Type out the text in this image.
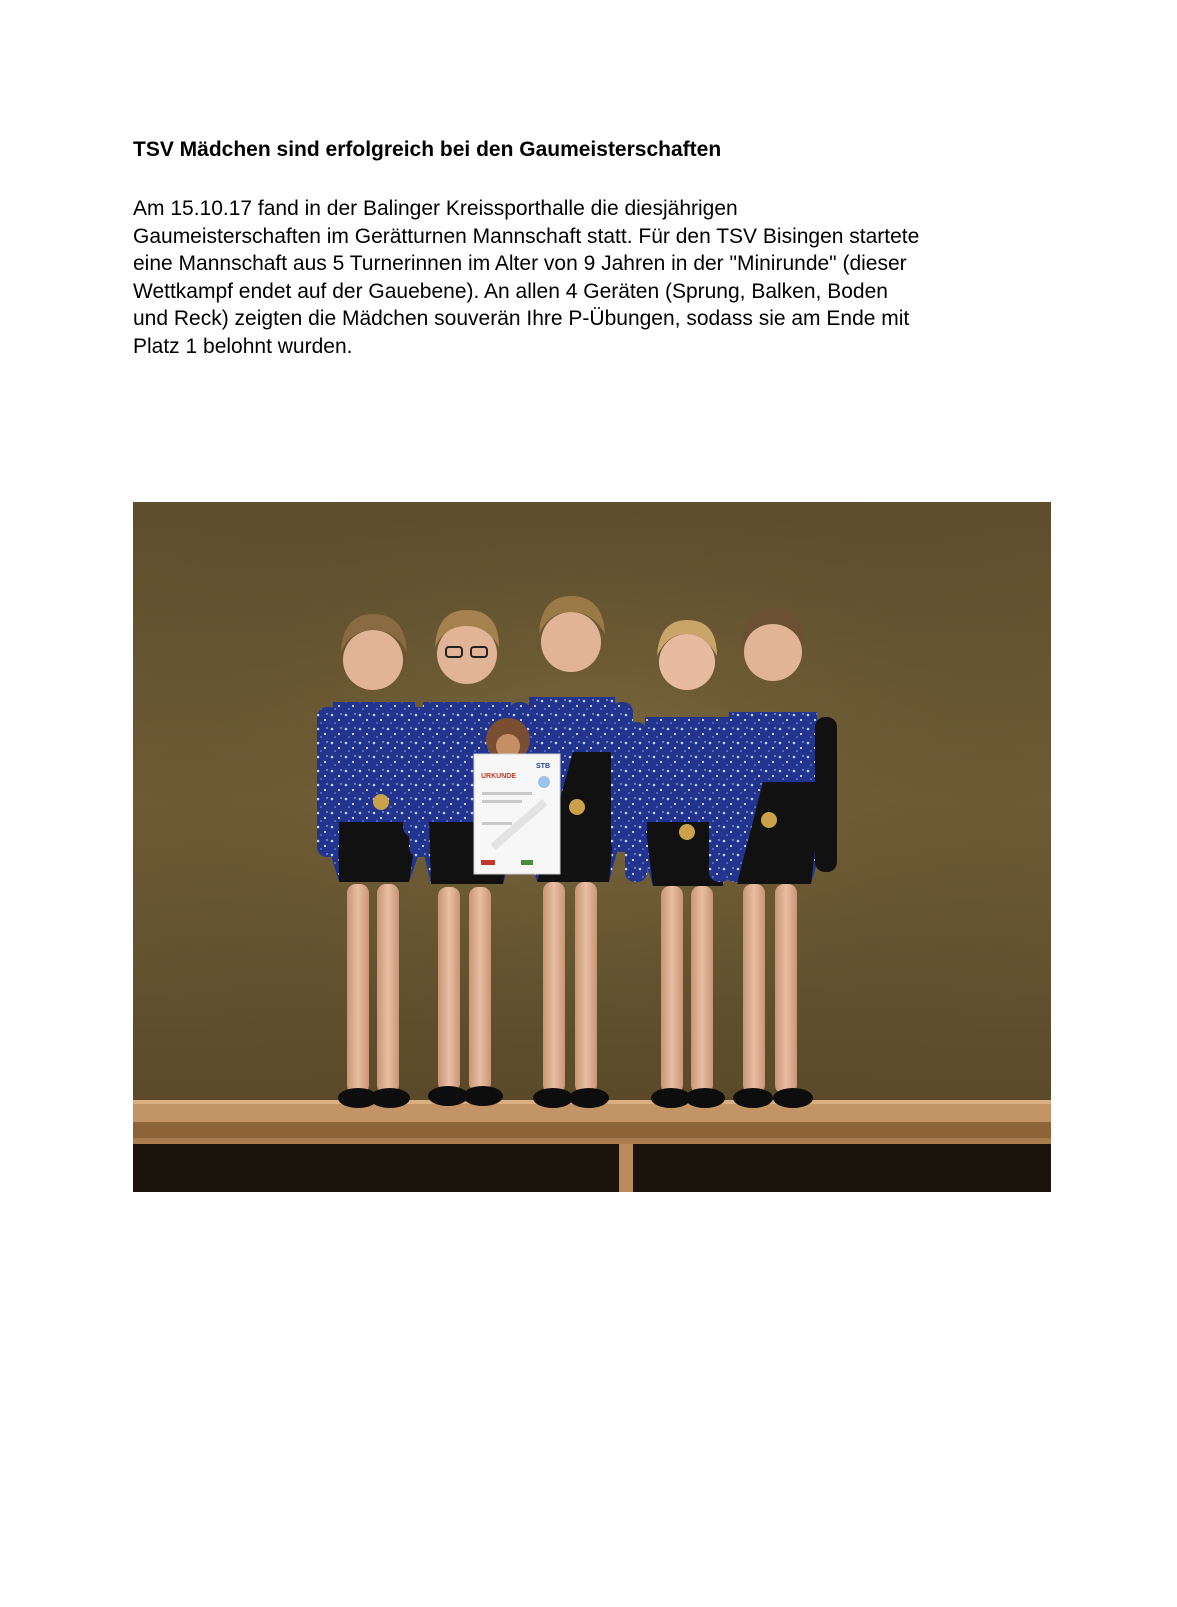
TSV Mädchen sind erfolgreich bei den Gaumeisterschaften

Am 15.10.17 fand in der Balinger Kreissporthalle die diesjährigen
Gaumeisterschaften im Gerätturnen Mannschaft statt. Für den TSV Bisingen startete
eine Mannschaft aus 5 Turnerinnen im Alter von 9 Jahren in der "Minirunde" (dieser
Wettkampf endet auf der Gauebene). An allen 4 Geräten (Sprung, Balken, Boden
und Reck) zeigten die Mädchen souverän Ihre P-Übungen, sodass sie am Ende mit
Platz 1 belohnt wurden.

URKUNDE
STB
